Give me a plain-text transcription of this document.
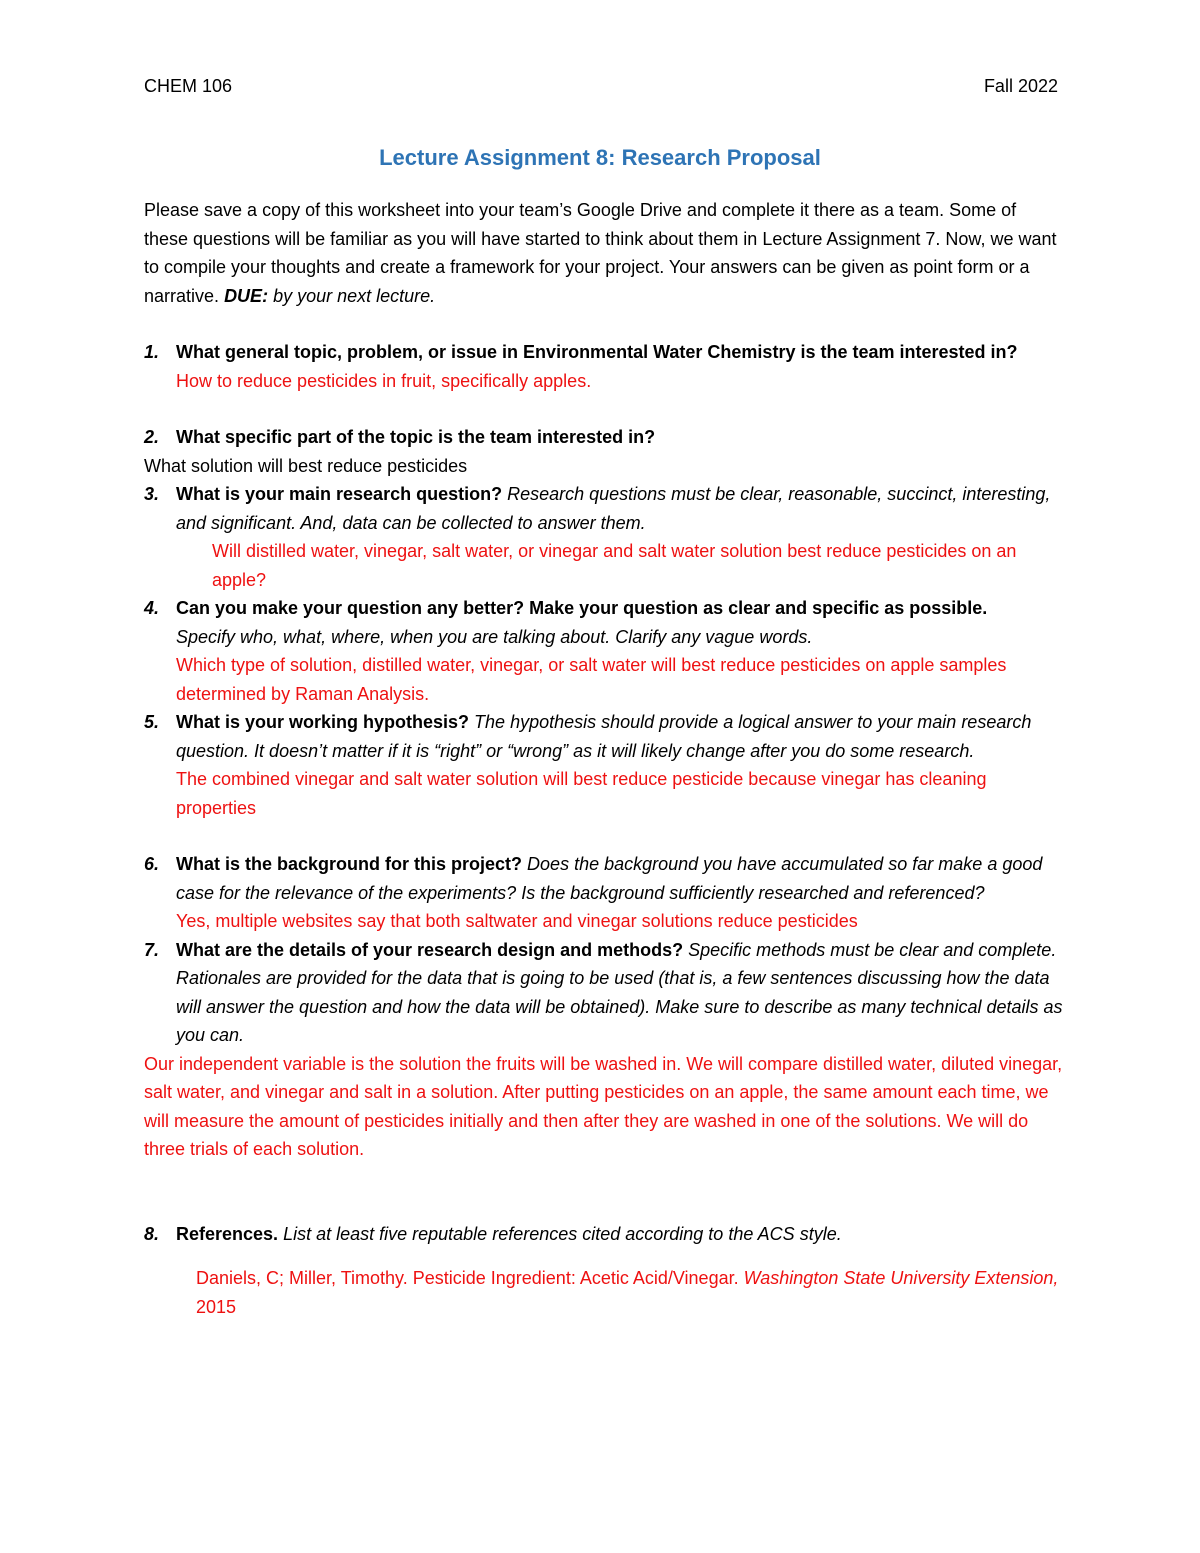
CHEM 106	Fall 2022
Lecture Assignment 8: Research Proposal

Please save a copy of this worksheet into your team’s Google Drive and complete it there as a team. Some of these questions will be familiar as you will have started to think about them in Lecture Assignment 7. Now, we want to compile your thoughts and create a framework for your project. Your answers can be given as point form or a narrative. DUE: by your next lecture.

1. What general topic, problem, or issue in Environmental Water Chemistry is the team interested in?

How to reduce pesticides in fruit, specifically apples.

2. What specific part of the topic is the team interested in?

What solution will best reduce pesticides

3. What is your main research question? Research questions must be clear, reasonable, succinct, interesting, and significant. And, data can be collected to answer them.

Will distilled water, vinegar, salt water, or vinegar and salt water solution best reduce pesticides on an apple?

4. Can you make your question any better? Make your question as clear and specific as possible.

Specify who, what, where, when you are talking about. Clarify any vague words.

Which type of solution, distilled water, vinegar, or salt water will best reduce pesticides on apple samples determined by Raman Analysis.

5. What is your working hypothesis? The hypothesis should provide a logical answer to your main research question. It doesn’t matter if it is “right” or “wrong” as it will likely change after you do some research.

The combined vinegar and salt water solution will best reduce pesticide because vinegar has cleaning properties

6. What is the background for this project? Does the background you have accumulated so far make a good case for the relevance of the experiments? Is the background sufficiently researched and referenced?

Yes, multiple websites say that both saltwater and vinegar solutions reduce pesticides

7. What are the details of your research design and methods? Specific methods must be clear and complete. Rationales are provided for the data that is going to be used (that is, a few sentences discussing how the data will answer the question and how the data will be obtained). Make sure to describe as many technical details as you can.

Our independent variable is the solution the fruits will be washed in. We will compare distilled water, diluted vinegar, salt water, and vinegar and salt in a solution. After putting pesticides on an apple, the same amount each time, we will measure the amount of pesticides initially and then after they are washed in one of the solutions. We will do three trials of each solution.

8. References. List at least five reputable references cited according to the ACS style.

Daniels, C; Miller, Timothy. Pesticide Ingredient: Acetic Acid/Vinegar. Washington State University Extension, 2015
